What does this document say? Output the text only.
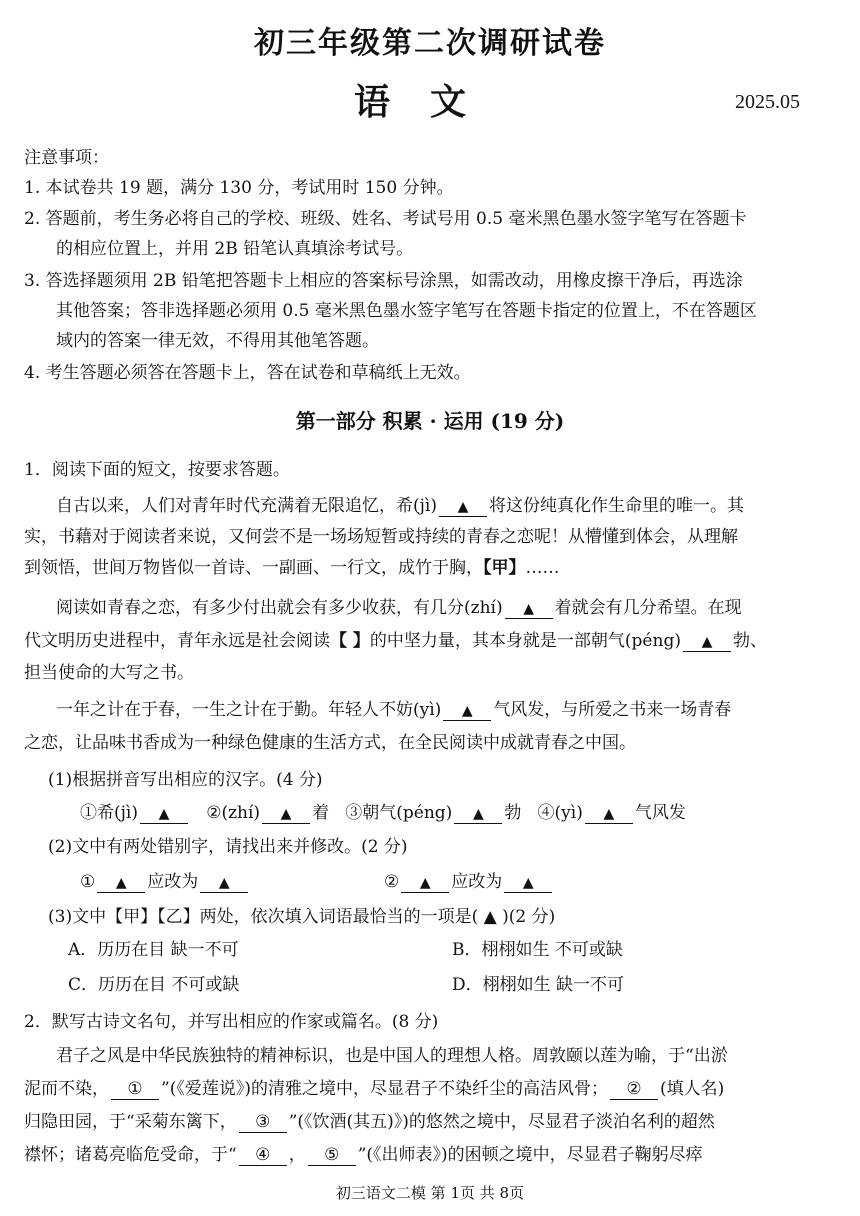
初三年级第二次调研试卷
语文	2025.05
注意事项：
1. 本试卷共 19 题，满分 130 分，考试用时 150 分钟。
2. 答题前，考生务必将自己的学校、班级、姓名、考试号用 0.5 毫米黑色墨水签字笔写在答题卡
的相应位置上，并用 2B 铅笔认真填涂考试号。
3. 答选择题须用 2B 铅笔把答题卡上相应的答案标号涂黑，如需改动，用橡皮擦干净后，再选涂
其他答案；答非选择题必须用 0.5 毫米黑色墨水签字笔写在答题卡指定的位置上，不在答题区
域内的答案一律无效，不得用其他笔答题。
4. 考生答题必须答在答题卡上，答在试卷和草稿纸上无效。
第一部分 积累 · 运用 (19 分)
1．阅读下面的短文，按要求答题。
自古以来，人们对青年时代充满着无限追忆，希(jì) ▲ 将这份纯真化作生命里的唯一。其
实，书藉对于阅读者来说，又何尝不是一场场短暂或持续的青春之恋呢！从懵懂到体会，从理解
到领悟，世间万物皆似一首诗、一副画、一行文，成竹于胸，【甲】……
阅读如青春之恋，有多少付出就会有多少收获，有几分(zhí) ▲ 着就会有几分希望。在现
代文明历史进程中，青年永远是社会阅读【 】的中坚力量，其本身就是一部朝气(péng) ▲ 勃、
担当使命的大写之书。
一年之计在于春，一生之计在于勤。年轻人不妨(yì) ▲ 气风发，与所爱之书来一场青春
之恋，让品味书香成为一种绿色健康的生活方式，在全民阅读中成就青春之中国。
(1)根据拼音写出相应的汉字。(4 分)
①希(jì) ▲ ②(zhí) ▲ 着 ③朝气(péng) ▲ 勃 ④(yì) ▲ 气风发
(2)文中有两处错别字，请找出来并修改。(2 分)
① ▲ 应改为 ▲	② ▲ 应改为 ▲
(3)文中【甲】【乙】两处，依次填入词语最恰当的一项是( ▲ )(2 分)
A．历历在目 缺一不可	B．栩栩如生 不可或缺
C．历历在目 不可或缺	D．栩栩如生 缺一不可
2．默写古诗文名句，并写出相应的作家或篇名。(8 分)
君子之风是中华民族独特的精神标识，也是中国人的理想人格。周敦颐以莲为喻，于“出淤
泥而不染， ① ”(《爱莲说》)的清雅之境中，尽显君子不染纤尘的高洁风骨； ② (填人名)
归隐田园，于“采菊东篱下， ③ ”(《饮酒(其五)》)的悠然之境中，尽显君子淡泊名利的超然
襟怀；诸葛亮临危受命，于“ ④ ， ⑤ ”(《出师表》)的困顿之境中，尽显君子鞠躬尽瘁
初三语文二模 第 1页 共 8页
